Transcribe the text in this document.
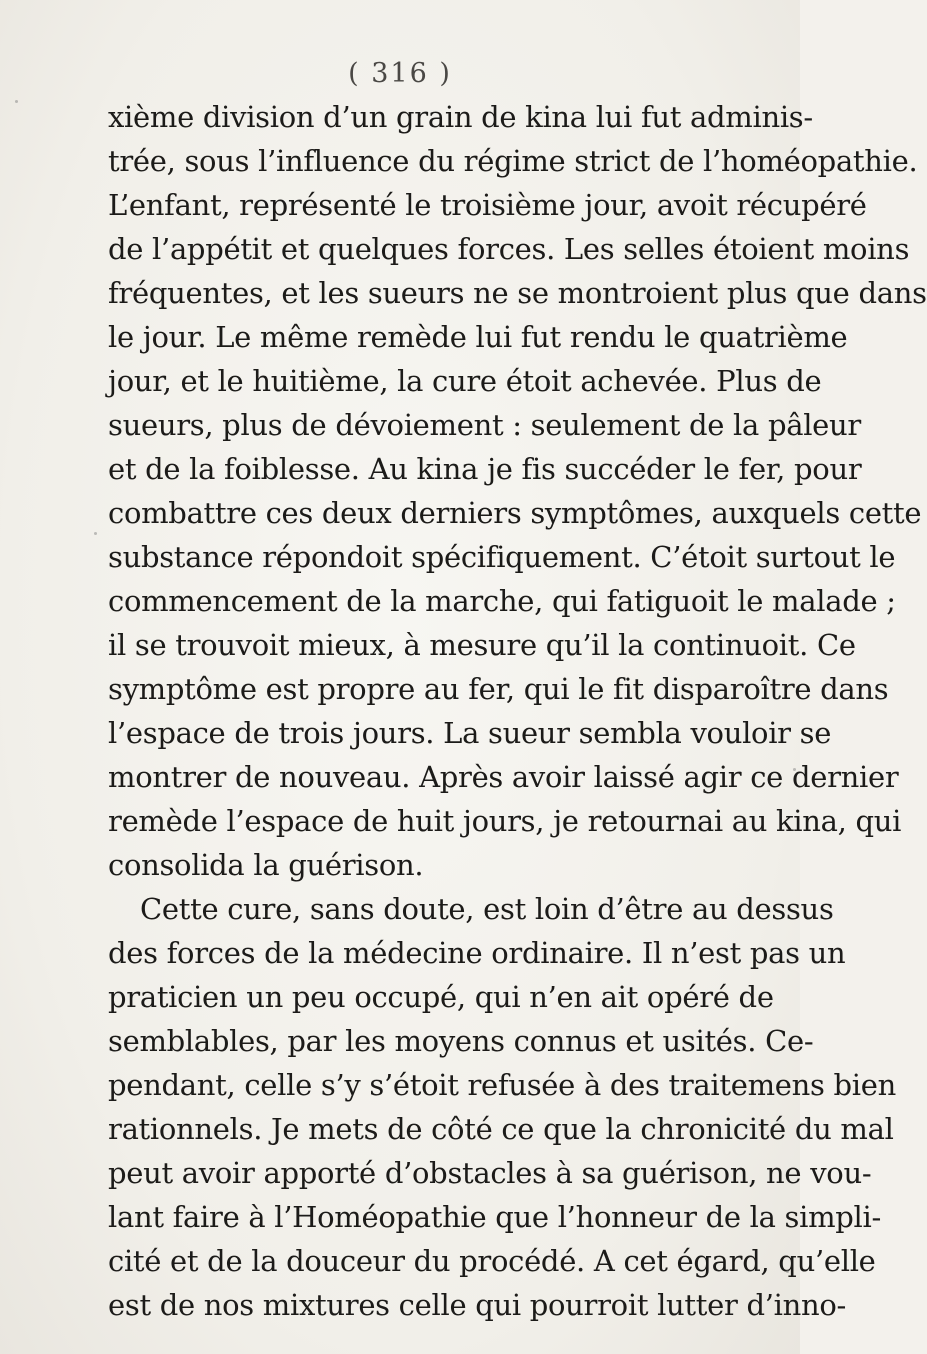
( 316 )
xième division d’un grain de kina lui fut adminis-
trée, sous l’influence du régime strict de l’homéopathie.
L’enfant, représenté le troisième jour, avoit récupéré
de l’appétit et quelques forces. Les selles étoient moins
fréquentes, et les sueurs ne se montroient plus que dans
le jour. Le même remède lui fut rendu le quatrième
jour, et le huitième, la cure étoit achevée. Plus de
sueurs, plus de dévoiement : seulement de la pâleur
et de la foiblesse. Au kina je fis succéder le fer, pour
combattre ces deux derniers symptômes, auxquels cette
substance répondoit spécifiquement. C’étoit surtout le
commencement de la marche, qui fatiguoit le malade ;
il se trouvoit mieux, à mesure qu’il la continuoit. Ce
symptôme est propre au fer, qui le fit disparoître dans
l’espace de trois jours. La sueur sembla vouloir se
montrer de nouveau. Après avoir laissé agir ce dernier
remède l’espace de huit jours, je retournai au kina, qui
consolida la guérison.
Cette cure, sans doute, est loin d’être au dessus
des forces de la médecine ordinaire. Il n’est pas un
praticien un peu occupé, qui n’en ait opéré de
semblables, par les moyens connus et usités. Ce-
pendant, celle s’y s’étoit refusée à des traitemens bien
rationnels. Je mets de côté ce que la chronicité du mal
peut avoir apporté d’obstacles à sa guérison, ne vou-
lant faire à l’Homéopathie que l’honneur de la simpli-
cité et de la douceur du procédé. A cet égard, qu’elle
est de nos mixtures celle qui pourroit lutter d’inno-
